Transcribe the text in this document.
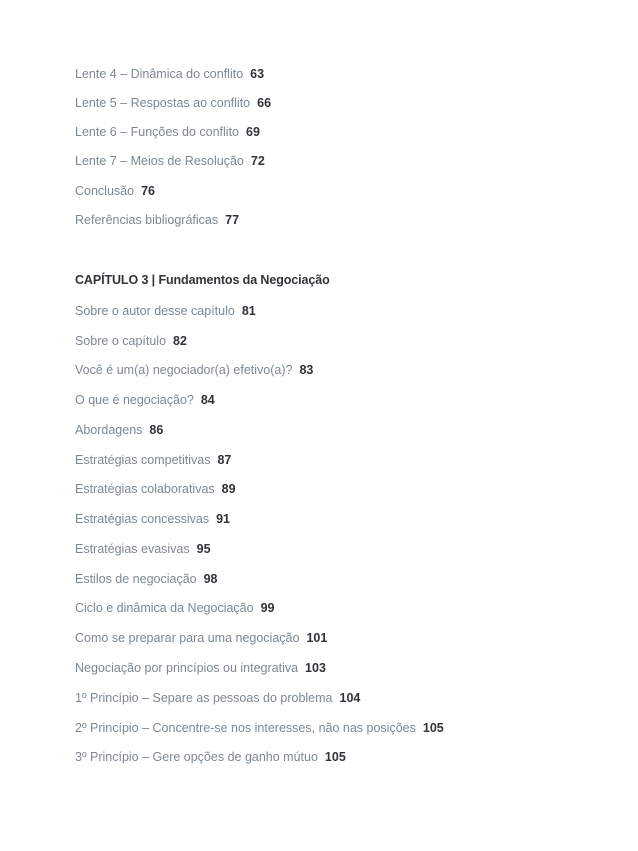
Lente 4 – Dinâmica do conflito 63
Lente 5 – Respostas ao conflito 66
Lente 6 – Funções do conflito 69
Lente 7 – Meios de Resolução 72
Conclusão 76
Referências bibliográficas 77
CAPÍTULO 3 | Fundamentos da Negociação
Sobre o autor desse capítulo 81
Sobre o capítulo 82
Você é um(a) negociador(a) efetivo(a)? 83
O que é negociação? 84
Abordagens 86
Estratégias competitivas 87
Estratégias colaborativas 89
Estratégias concessivas 91
Estratégias evasivas 95
Estilos de negociação 98
Ciclo e dinâmica da Negociação 99
Como se preparar para uma negociação 101
Negociação por princípios ou integrativa 103
1º Princípio – Separe as pessoas do problema 104
2º Princípio – Concentre-se nos interesses, não nas posições 105
3º Princípio – Gere opções de ganho mútuo 105
